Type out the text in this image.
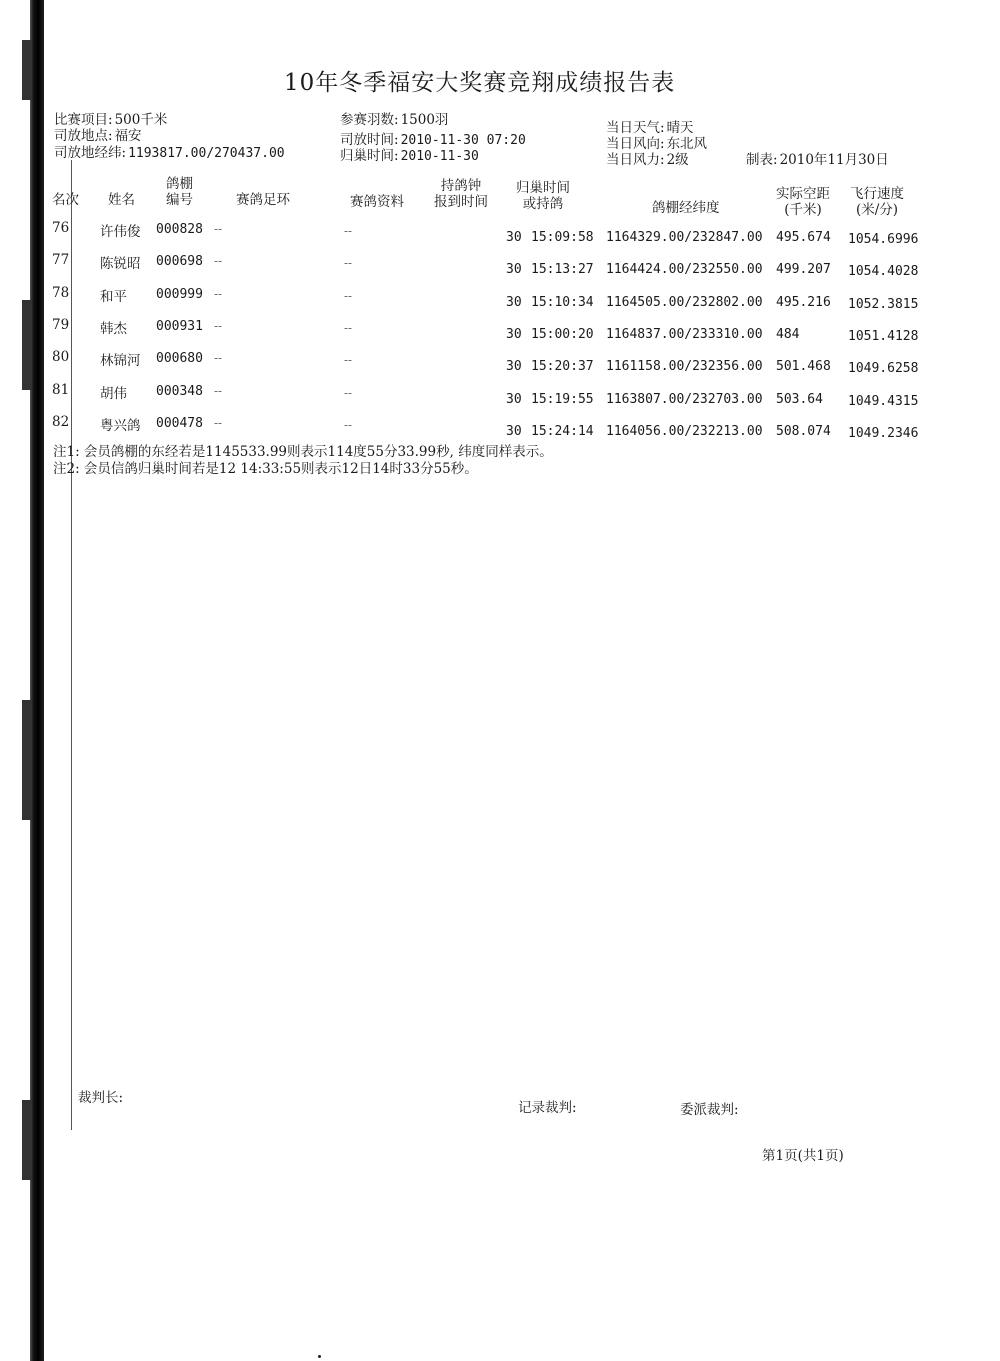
10年冬季福安大奖赛竞翔成绩报告表
比赛项目: 500千米
司放地点: 福安
司放地经纬: 1193817.00/270437.00
参赛羽数: 1500羽
司放时间: 2010-11-30 07:20
归巢时间: 2010-11-30
当日天气: 晴天
当日风向: 东北风
当日风力: 2级	制表: 2010年11月30日
名次 姓名
鸽棚
编号	赛鸽足环	赛鸽资料
持鸽钟
报到时间
归巢时间
或持鸽	鸽棚经纬度
实际空距
(千米)
飞行速度
(米/分)
76 许伟俊 000828 --	--	30 15:09:58 1164329.00/232847.00 495.674 1054.6996
77 陈锐昭 000698 --	--	30 15:13:27 1164424.00/232550.00 499.207 1054.4028
78 和平 000999 --	--	30 15:10:34 1164505.00/232802.00 495.216 1052.3815
79 韩杰 000931 --	--	30 15:00:20 1164837.00/233310.00 484	1051.4128
80 林锦河 000680 --	--	30 15:20:37 1161158.00/232356.00 501.468 1049.6258
81 胡伟 000348 --	--	30 15:19:55 1163807.00/232703.00 503.64 1049.4315
82 粤兴鸽 000478 --	--	30 15:24:14 1164056.00/232213.00 508.074 1049.2346
注1: 会员鸽棚的东经若是1145533.99则表示114度55分33.99秒, 纬度同样表示。
注2: 会员信鸽归巢时间若是12 14:33:55则表示12日14时33分55秒。
裁判长:
记录裁判:	委派裁判:
第1页(共1页)
